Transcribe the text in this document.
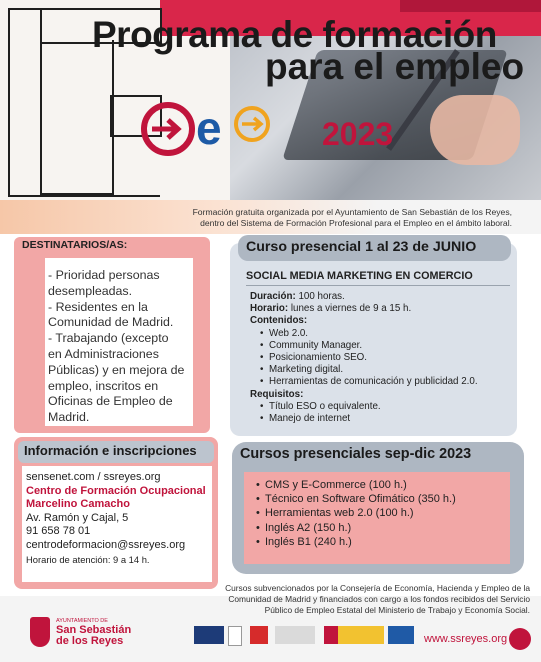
Programa de formación
para el empleo
e	2023
Formación gratuita organizada por el Ayuntamiento de San Sebastián de los Reyes,
dentro del Sistema de Formación Profesional para el Empleo en el ámbito laboral.
DESTINATARIOS/AS:
- Prioridad personas
desempleadas.
- Residentes en la
Comunidad de Madrid.
- Trabajando (excepto
en Administraciones
Públicas) y en mejora de
empleo, inscritos en
Oficinas de Empleo de
Madrid.
Curso presencial 1 al 23 de JUNIO
SOCIAL MEDIA MARKETING EN COMERCIO
Duración: 100 horas.
Horario: lunes a viernes de 9 a 15 h.
Contenidos:
• Web 2.0.
• Community Manager.
• Posicionamiento SEO.
• Marketing digital.
• Herramientas de comunicación y publicidad 2.0.
Requisitos:
• Título ESO o equivalente.
• Manejo de internet
Información e inscripciones
sensenet.com / ssreyes.org
Centro de Formación Ocupacional
Marcelino Camacho
Av. Ramón y Cajal, 5
91 658 78 01
centrodeformacion@ssreyes.org
Horario de atención: 9 a 14 h.
Cursos presenciales sep-dic 2023
• CMS y E-Commerce (100 h.)
• Técnico en Software Ofimático (350 h.)
• Herramientas web 2.0 (100 h.)
• Inglés A2 (150 h.)
• Inglés B1 (240 h.)
Cursos subvencionados por la Consejería de Economía, Hacienda y Empleo de la
Comunidad de Madrid y financiados con cargo a los fondos recibidos del Servicio
Público de Empleo Estatal del Ministerio de Trabajo y Economía Social.
AYUNTAMIENTO DE
San Sebastián
de los Reyes	www.ssreyes.org
